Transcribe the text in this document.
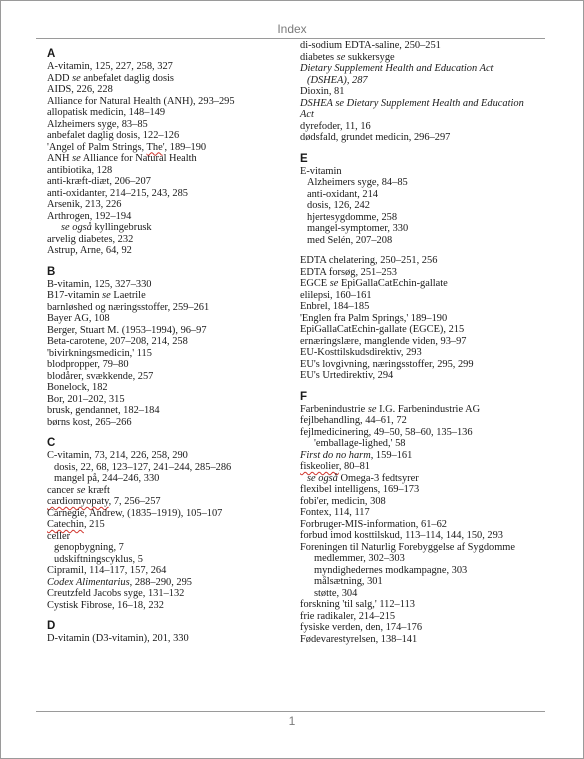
Index
A
A-vitamin, 125, 227, 258, 327
ADD se anbefalet daglig dosis
AIDS, 226, 228
Alliance for Natural Health (ANH), 293–295
allopatisk medicin, 148–149
Alzheimers syge, 83–85
anbefalet daglig dosis, 122–126
'Angel of Palm Strings, The', 189–190
ANH se Alliance for Natural Health
antibiotika, 128
anti-kræft-diæt, 206–207
anti-oxidanter, 214–215, 243, 285
Arsenik, 213, 226
Arthrogen, 192–194
se også kyllingebrusk
arvelig diabetes, 232
Astrup, Arne, 64, 92
B
B-vitamin, 125, 327–330
B17-vitamin se Laetrile
barnløshed og næringsstoffer, 259–261
Bayer AG, 108
Berger, Stuart M. (1953–1994), 96–97
Beta-carotene, 207–208, 214, 258
'bivirkningsmedicin,' 115
blodpropper, 79–80
blodårer, svækkende, 257
Bonelock, 182
Bor, 201–202, 315
brusk, gendannet, 182–184
børns kost, 265–266
C
C-vitamin, 73, 214, 226, 258, 290
dosis, 22, 68, 123–127, 241–244, 285–286
mangel på, 244–246, 330
cancer se kræft
cardiomyopaty, 7, 256–257
Carnegie, Andrew, (1835–1919), 105–107
Catechin, 215
celler
genopbygning, 7
udskiftningscyklus, 5
Cipramil, 114–117, 157, 264
Codex Alimentarius, 288–290, 295
Creutzfeld Jacobs syge, 131–132
Cystisk Fibrose, 16–18, 232
D
D-vitamin (D3-vitamin), 201, 330
di-sodium EDTA-saline, 250–251
diabetes se sukkersyge
Dietary Supplement Health and Education Act
(DSHEA), 287
Dioxin, 81
DSHEA se Dietary Supplement Health and Education
Act
dyrefoder, 11, 16
dødsfald, grundet medicin, 296–297
E
E-vitamin
Alzheimers syge, 84–85
anti-oxidant, 214
dosis, 126, 242
hjertesygdomme, 258
mangel-symptomer, 330
med Selén, 207–208
EDTA chelatering, 250–251, 256
EDTA forsøg, 251–253
EGCE se EpiGallaCatEchin-gallate
elilepsi, 160–161
Enbrel, 184–185
'Englen fra Palm Springs,' 189–190
EpiGallaCatEchin-gallate (EGCE), 215
ernæringslære, manglende viden, 93–97
EU-Kosttilskudsdirektiv, 293
EU's lovgivning, næringsstoffer, 295, 299
EU's Urtedirektiv, 294
F
Farbenindustrie se I.G. Farbenindustrie AG
fejlbehandling, 44–61, 72
fejlmedicinering, 49–50, 58–60, 135–136
'emballage-lighed,' 58
First do no harm, 159–161
fiskeolier, 80–81
se også Omega-3 fedtsyrer
flexibel intelligens, 169–173
fobi'er, medicin, 308
Fontex, 114, 117
Forbruger-MIS-information, 61–62
forbud imod kosttilskud, 113–114, 144, 150, 293
Foreningen til Naturlig Forebyggelse af Sygdomme
medlemmer, 302–303
myndighedernes modkampagne, 303
målsætning, 301
støtte, 304
forskning 'til salg,' 112–113
frie radikaler, 214–215
fysiske verden, den, 174–176
Fødevarestyrelsen, 138–141
1
